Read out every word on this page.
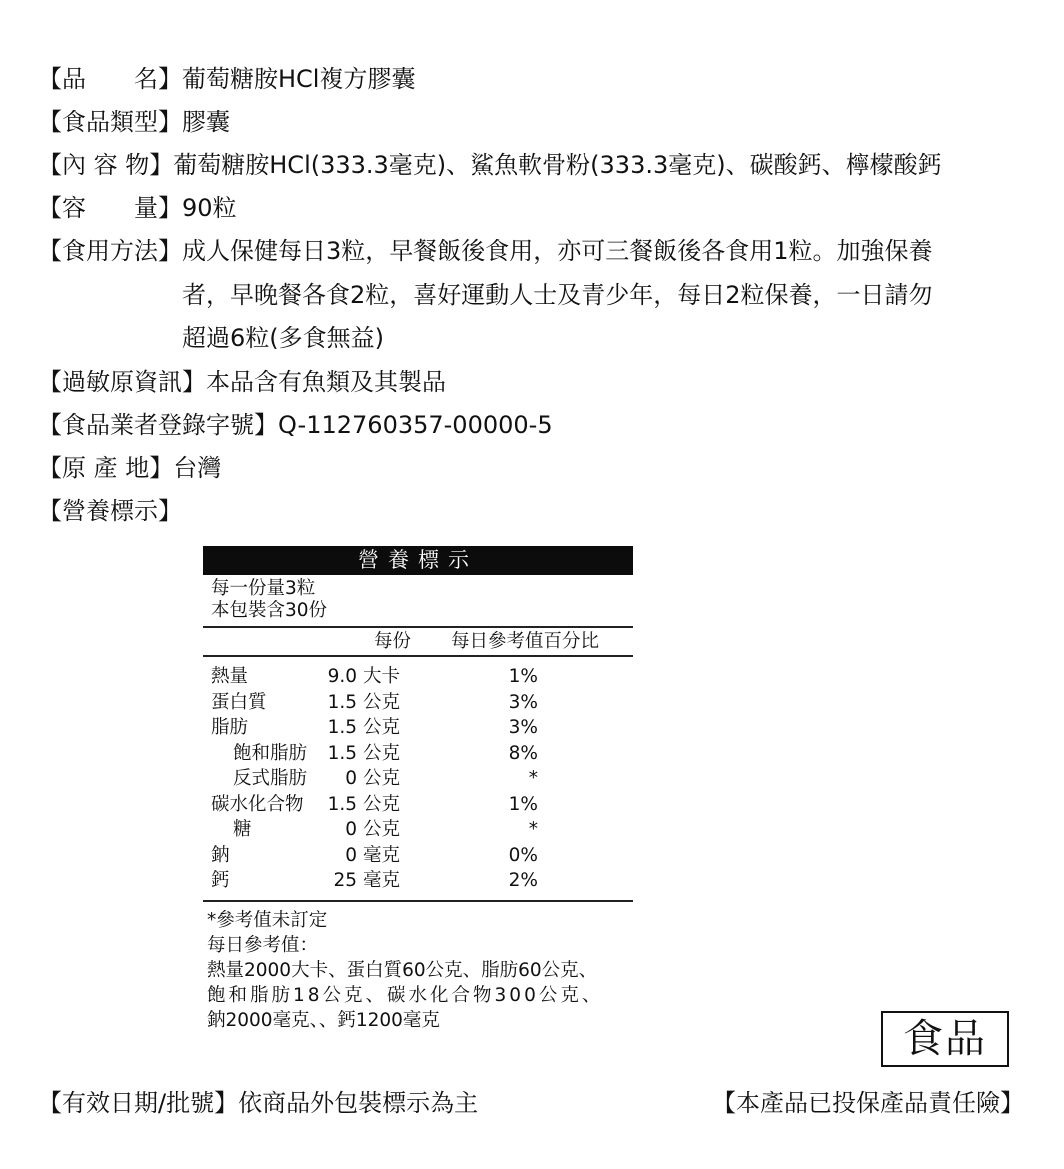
【品　　名】 葡萄糖胺HCl複方膠囊
【食品類型】 膠囊
【內 容 物】 葡萄糖胺HCl(333.3毫克)、鯊魚軟骨粉(333.3毫克)、碳酸鈣、檸檬酸鈣
【容　　量】 90粒
【食用方法】 成人保健每日3粒，早餐飯後食用，亦可三餐飯後各食用1粒。加強保養
者，早晚餐各食2粒，喜好運動人士及青少年，每日2粒保養，一日請勿
超過6粒(多食無益)
【過敏原資訊】 本品含有魚類及其製品
【食品業者登錄字號】 Q-112760357-00000-5
【原 產 地】 台灣
【營養標示】
營養標示
每一份量3粒
本包裝含30份
每份	每日參考值百分比
熱量	9.0 大卡	1%
蛋白質	1.5 公克	3%
脂肪	1.5 公克	3%
飽和脂肪	1.5 公克	8%
反式脂肪	0 公克	*
碳水化合物	1.5 公克	1%
糖	0 公克	*
鈉	0 毫克	0%
鈣	25 毫克	2%
*參考值未訂定
每日參考值：
熱量2000大卡、蛋白質60公克、脂肪60公克、
飽和脂肪18公克、碳水化合物300公克、
鈉2000毫克、、鈣1200毫克	食品
【有效日期/批號】依商品外包裝標示為主	【本產品已投保產品責任險】
